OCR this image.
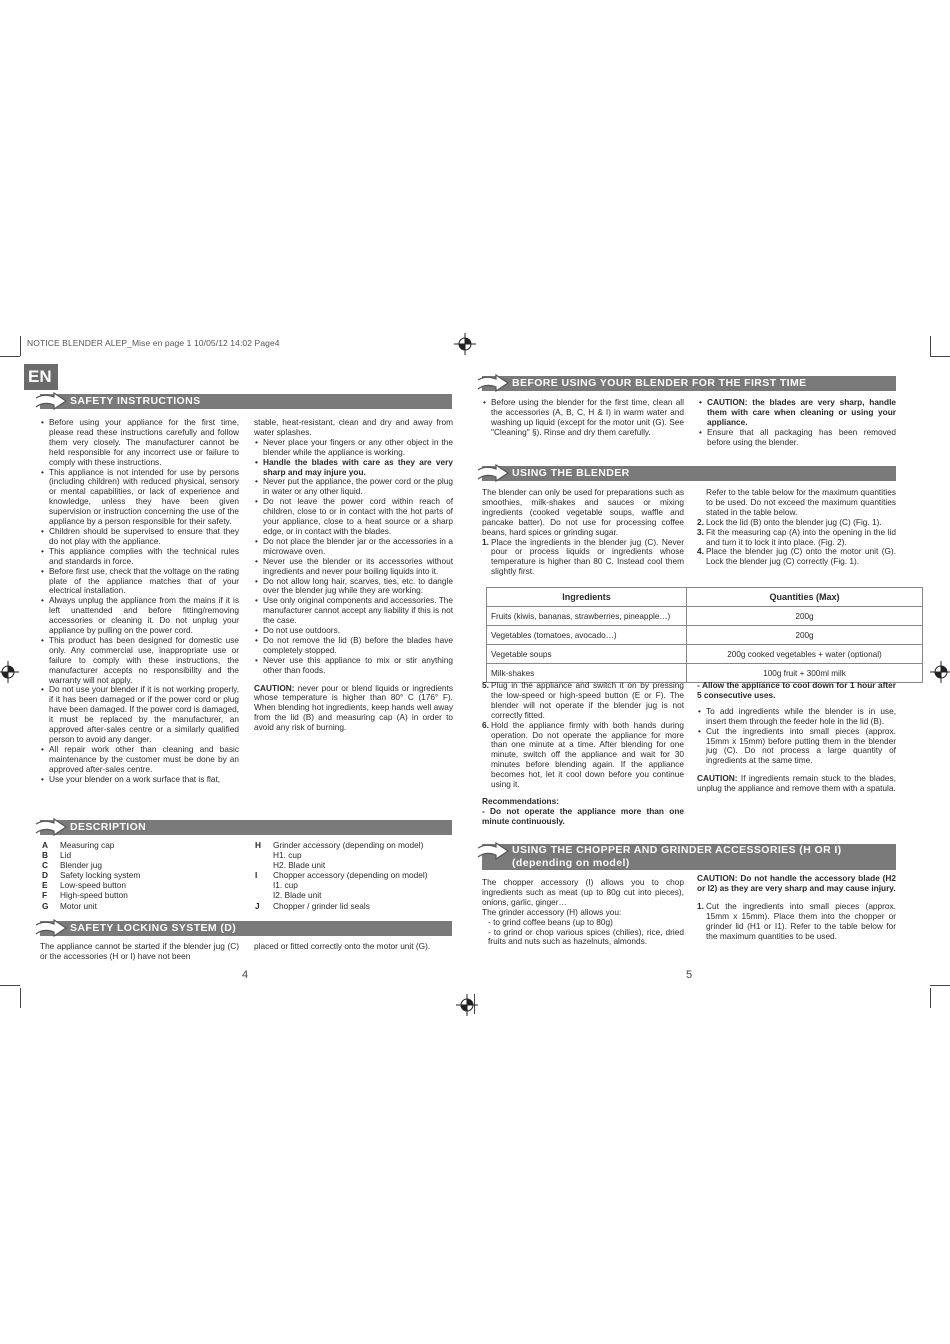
NOTICE BLENDER ALEP_Mise en page 1 10/05/12 14:02 Page4
EN
SAFETY INSTRUCTIONS
• Before using your appliance for the first time, please read these instructions carefully and follow them very closely. The manufacturer cannot be held responsible for any incorrect use or failure to comply with these instructions.
• This appliance is not intended for use by persons (including children) with reduced physical, sensory or mental capabilities, or lack of experience and knowledge, unless they have been given supervision or instruction concerning the use of the appliance by a person responsible for their safety.
• Children should be supervised to ensure that they do not play with the appliance.
• This appliance complies with the technical rules and standards in force.
• Before first use, check that the voltage on the rating plate of the appliance matches that of your electrical installation.
• Always unplug the appliance from the mains if it is left unattended and before fitting/removing accessories or cleaning it. Do not unplug your appliance by pulling on the power cord.
• This product has been designed for domestic use only. Any commercial use, inappropriate use or failure to comply with these instructions, the manufacturer accepts no responsibility and the warranty will not apply.
• Do not use your blender if it is not working properly, if it has been damaged or if the power cord or plug have been damaged. If the power cord is damaged, it must be replaced by the manufacturer, an approved after-sales centre or a similarly qualified person to avoid any danger.
• All repair work other than cleaning and basic maintenance by the customer must be done by an approved after-sales centre.
• Use your blender on a work surface that is flat,
stable, heat-resistant, clean and dry and away from water splashes.
• Never place your fingers or any other object in the blender while the appliance is working.
• Handle the blades with care as they are very sharp and may injure you.
• Never put the appliance, the power cord or the plug in water or any other liquid.
• Do not leave the power cord within reach of children, close to or in contact with the hot parts of your appliance, close to a heat source or a sharp edge, or in contact with the blades.
• Do not place the blender jar or the accessories in a microwave oven.
• Never use the blender or its accessories without ingredients and never pour boiling liquids into it.
• Do not allow long hair, scarves, ties, etc. to dangle over the blender jug while they are working.
• Use only original components and accessories. The manufacturer cannot accept any liability if this is not the case.
• Do not use outdoors.
• Do not remove the lid (B) before the blades have completely stopped.
• Never use this appliance to mix or stir anything other than foods.
CAUTION: never pour or blend liquids or ingredients whose temperature is higher than 80° C (176° F). When blending hot ingredients, keep hands well away from the lid (B) and measuring cap (A) in order to avoid any risk of burning.
DESCRIPTION
A	Measuring cap
B	Lid
C	Blender jug
D	Safety locking system
E	Low-speed button
F	High-speed button
G	Motor unit
H	Grinder accessory (depending on model)
H1. cup
H2. Blade unit
I	Chopper accessory (depending on model)
I1. cup
I2. Blade unit
J	Chopper / grinder lid seals
SAFETY LOCKING SYSTEM (D)
The appliance cannot be started if the blender jug (C) or the accessories (H or I) have not been
placed or fitted correctly onto the motor unit (G).
4
BEFORE USING YOUR BLENDER FOR THE FIRST TIME
• Before using the blender for the first time, clean all the accessories (A, B, C, H & I) in warm water and washing up liquid (except for the motor unit (G). See "Cleaning" §). Rinse and dry them carefully.
• CAUTION: the blades are very sharp, handle them with care when cleaning or using your appliance.
• Ensure that all packaging has been removed before using the blender.
USING THE BLENDER
The blender can only be used for preparations such as smoothies, milk-shakes and sauces or mixing ingredients (cooked vegetable soups, waffle and pancake batter). Do not use for processing coffee beans, hard spices or grinding sugar.
1. Place the ingredients in the blender jug (C). Never pour or process liquids or ingredients whose temperature is higher than 80 C. Instead cool them slightly first.
Refer to the table below for the maximum quantities to be used. Do not exceed the maximum quantities stated in the table below.
2. Lock the lid (B) onto the blender jug (C) (Fig. 1).
3. Fit the measuring cap (A) into the opening in the lid and turn it to lock it into place. (Fig. 2).
4. Place the blender jug (C) onto the motor unit (G). Lock the blender jug (C) correctly (Fig. 1).
Ingredients	Quantities (Max)
Fruits (kiwis, bananas, strawberries, pineapple…)	200g
Vegetables (tomatoes, avocado…)	200g
Vegetable soups	200g cooked vegetables + water (optional)
Milk-shakes	100g fruit + 300ml milk
5. Plug in the appliance and switch it on by pressing the low-speed or high-speed button (E or F). The blender will not operate if the blender jug is not correctly fitted.
6. Hold the appliance firmly with both hands during operation. Do not operate the appliance for more than one minute at a time. After blending for one minute, switch off the appliance and wait for 30 minutes before blending again. If the appliance becomes hot, let it cool down before you continue using it.
Recommendations:
- Do not operate the appliance more than one minute continuously.
- Allow the appliance to cool down for 1 hour after 5 consecutive uses.
• To add ingredients while the blender is in use, insert them through the feeder hole in the lid (B).
• Cut the ingredients into small pieces (approx. 15mm x 15mm) before putting them in the blender jug (C). Do not process a large quantity of ingredients at the same time.
CAUTION: If ingredients remain stuck to the blades, unplug the appliance and remove them with a spatula.
USING THE CHOPPER AND GRINDER ACCESSORIES (H OR I)
(depending on model)
The chopper accessory (I) allows you to chop ingredients such as meat (up to 80g cut into pieces), onions, garlic, ginger…
The grinder accessory (H) allows you:
- to grind coffee beans (up to 80g)
- to grind or chop various spices (chilies), rice, dried fruits and nuts such as hazelnuts, almonds.
CAUTION: Do not handle the accessory blade (H2 or I2) as they are very sharp and may cause injury.
1. Cut the ingredients into small pieces (approx. 15mm x 15mm). Place them into the chopper or grinder lid (H1 or I1). Refer to the table below for the maximum quantities to be used.
5
